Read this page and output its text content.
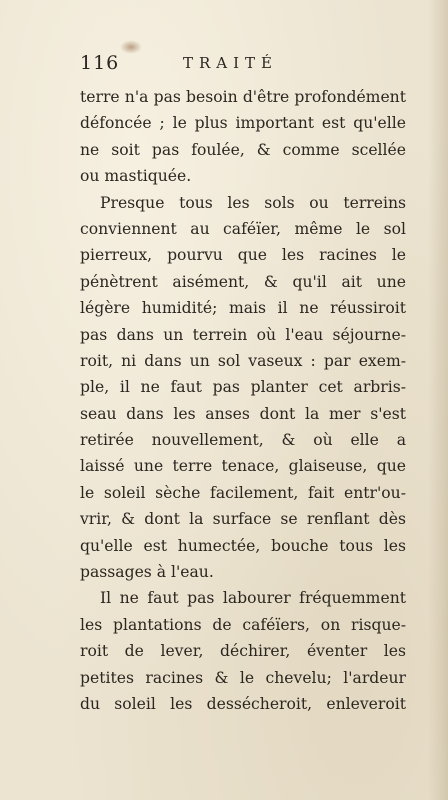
116	TRAITÉ
terre n'a pas besoin d'être profondément
défoncée ; le plus important est qu'elle
ne soit pas foulée, & comme scellée
ou mastiquée.
Presque tous les sols ou terreins
conviennent au caféïer, même le sol
pierreux, pourvu que les racines le
pénètrent aisément, & qu'il ait une
légère humidité; mais il ne réussiroit
pas dans un terrein où l'eau séjourne-
roit, ni dans un sol vaseux : par exem-
ple, il ne faut pas planter cet arbris-
seau dans les anses dont la mer s'est
retirée nouvellement, & où elle a
laissé une terre tenace, glaiseuse, que
le soleil sèche facilement, fait entr'ou-
vrir, & dont la surface se renflant dès
qu'elle est humectée, bouche tous les
passages à l'eau.
Il ne faut pas labourer fréquemment
les plantations de caféïers, on risque-
roit de lever, déchirer, éventer les
petites racines & le chevelu; l'ardeur
du soleil les dessécheroit, enleveroit
